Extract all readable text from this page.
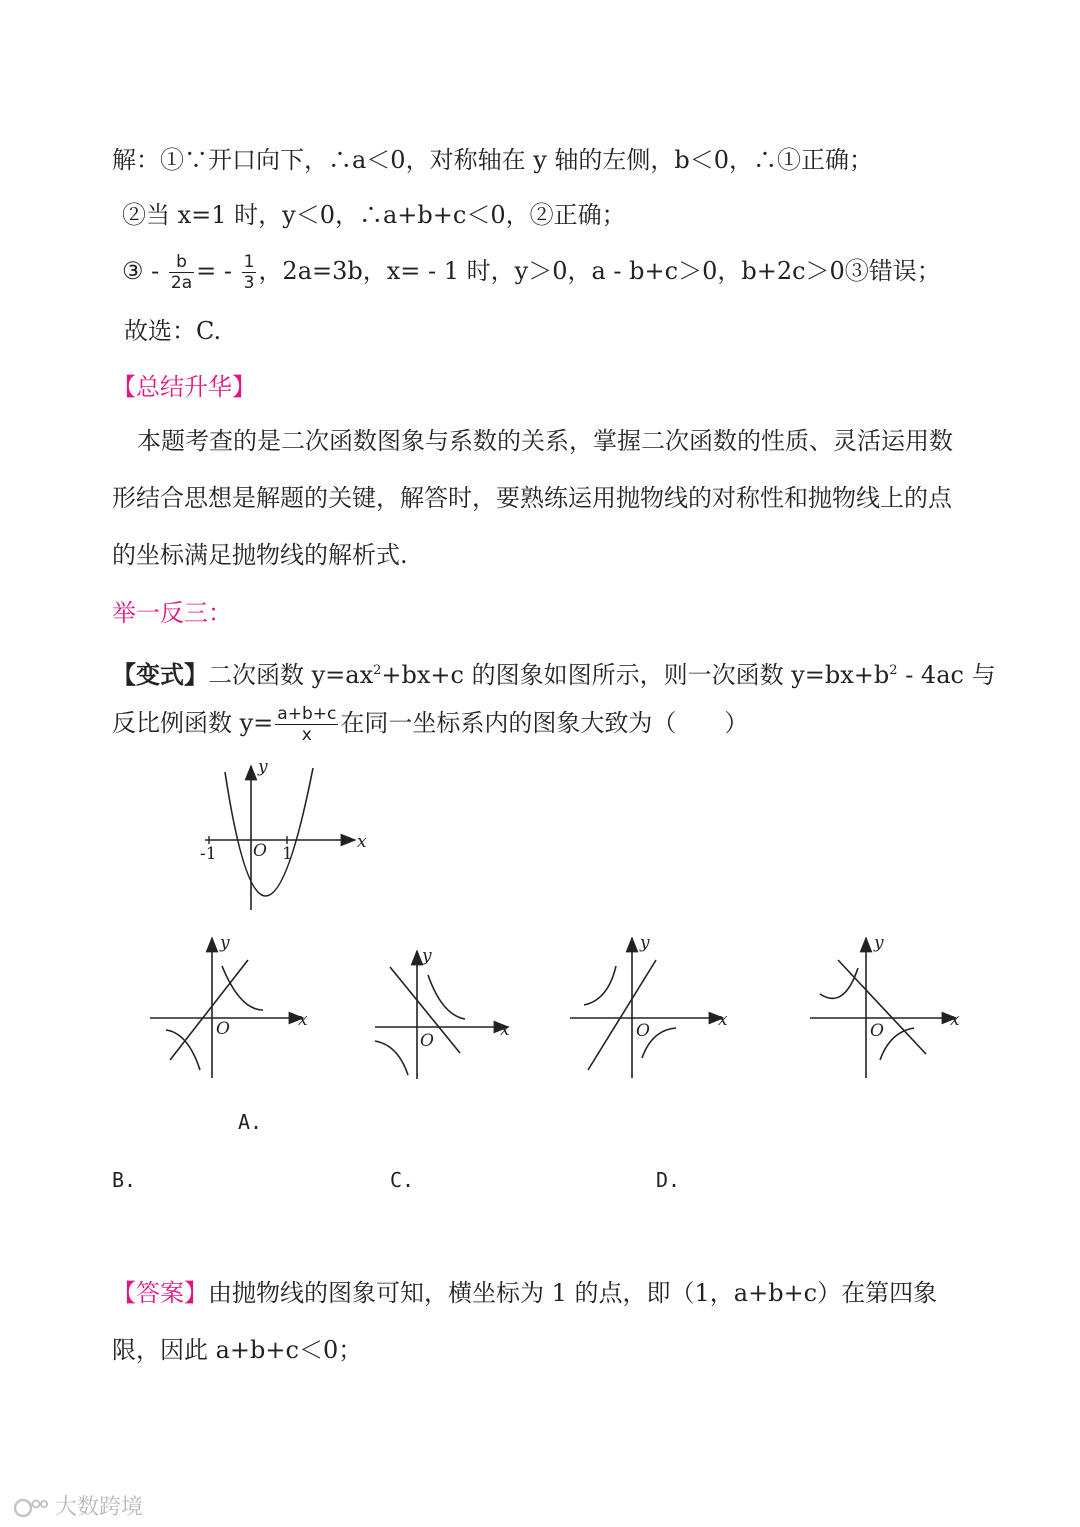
解：①∵开口向下，∴a＜0，对称轴在 y 轴的左侧，b＜0，∴①正确；
②当 x=1 时，y＜0，∴a+b+c＜0，②正确；
③ - $\frac{b}{2a}$ = - $\frac{1}{3}$ ，2a=3b，x= - 1 时，y＞0，a - b+c＞0，b+2c＞0③错误；
故选：C.
【总结升华】

本题考查的是二次函数图象与系数的关系，掌握二次函数的性质、灵活运用数形结合思想是解题的关键，解答时，要熟练运用抛物线的对称性和抛物线上的点的坐标满足抛物线的解析式.

举一反三：
【变式】二次函数 $y=ax^2+bx+c$ 的图象如图所示，则一次函数 $y=bx+b^2 - 4ac$ 与
反比例函数 $y= \frac{a+b+c}{x}$ 在同一坐标系内的图象大致为（　　）
x
y
O
-1	1
x
y
O	x
y
O
x
y
O
x
y
O
A.
B.	C.	D.

【答案】由抛物线的图象可知，横坐标为 1 的点，即（1，a+b+c）在第四象限，因此 a+b+c＜0；

大数跨境
